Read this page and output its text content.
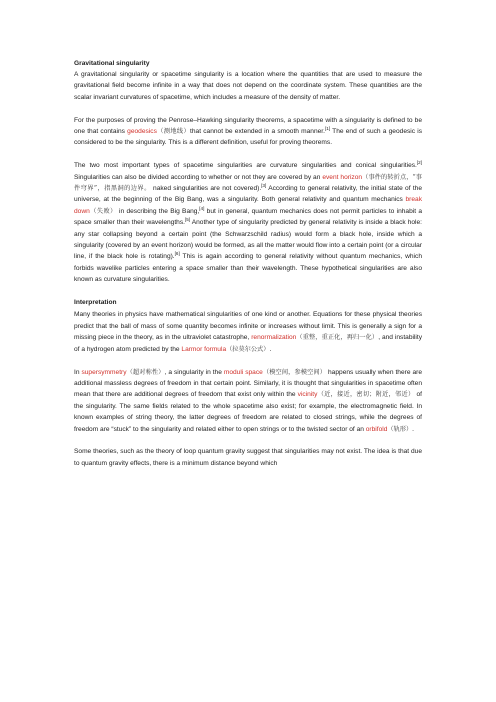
Gravitational singularity

A gravitational singularity or spacetime singularity is a location where the quantities that are used to measure the gravitational field become infinite in a way that does not depend on the coordinate system. These quantities are the scalar invariant curvatures of spacetime, which includes a measure of the density of matter.

For the purposes of proving the Penrose–Hawking singularity theorems, a spacetime with a singularity is defined to be one that contains geodesics（测地线）that cannot be extended in a smooth manner.[1] The end of such a geodesic is considered to be the singularity. This is a different definition, useful for proving theorems.

The two most important types of spacetime singularities are curvature singularities and conical singularities.[2] Singularities can also be divided according to whether or not they are covered by an event horizon（事件的转折点，“事件穹界”，指黑洞的边界。 naked singularities are not covered).[3] According to general relativity, the initial state of the universe, at the beginning of the Big Bang, was a singularity. Both general relativity and quantum mechanics break down（失败） in describing the Big Bang,[4] but in general, quantum mechanics does not permit particles to inhabit a space smaller than their wavelengths.[5] Another type of singularity predicted by general relativity is inside a black hole: any star collapsing beyond a certain point (the Schwarzschild radius) would form a black hole, inside which a singularity (covered by an event horizon) would be formed, as all the matter would flow into a certain point (or a circular line, if the black hole is rotating).[6] This is again according to general relativity without quantum mechanics, which forbids wavelike particles entering a space smaller than their wavelength. These hypothetical singularities are also known as curvature singularities.

Interpretation

Many theories in physics have mathematical singularities of one kind or another. Equations for these physical theories predict that the ball of mass of some quantity becomes infinite or increases without limit. This is generally a sign for a missing piece in the theory, as in the ultraviolet catastrophe, renormalization（重整，重正化，再归一化）, and instability of a hydrogen atom predicted by the Larmor formula（拉莫尔公式）.

In supersymmetry（超对称性）, a singularity in the moduli space（模空间，参模空间） happens usually when there are additional massless degrees of freedom in that certain point. Similarly, it is thought that singularities in spacetime often mean that there are additional degrees of freedom that exist only within the vicinity（近，接近，密切；附近，邻近） of the singularity. The same fields related to the whole spacetime also exist; for example, the electromagnetic field. In known examples of string theory, the latter degrees of freedom are related to closed strings, while the degrees of freedom are “stuck” to the singularity and related either to open strings or to the twisted sector of an orbifold（轨形）.

Some theories, such as the theory of loop quantum gravity suggest that singularities may not exist. The idea is that due to quantum gravity effects, there is a minimum distance beyond which
